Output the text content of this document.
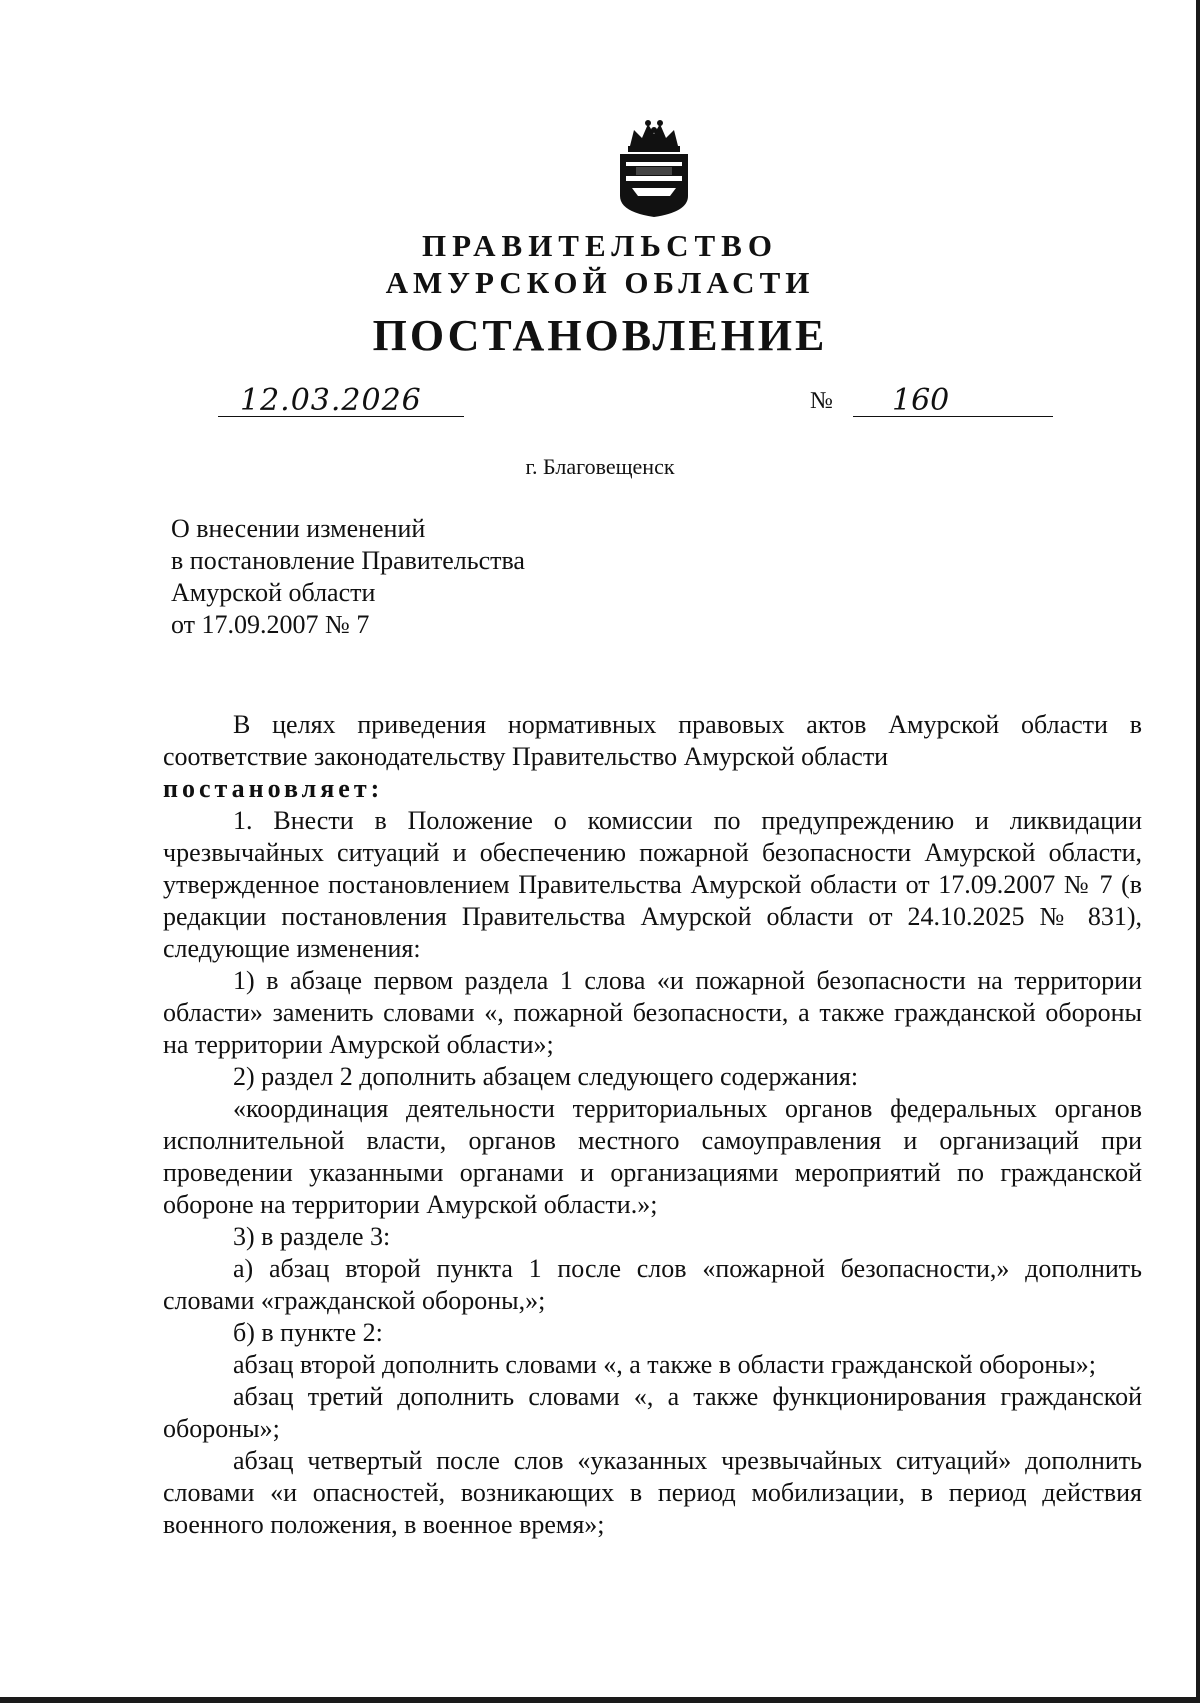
ПРАВИТЕЛЬСТВО
АМУРСКОЙ ОБЛАСТИ
ПОСТАНОВЛЕНИЕ
12.03.2026	№ 160
г. Благовещенск
О внесении изменений
в постановление Правительства
Амурской области
от 17.09.2007 № 7

В целях приведения нормативных правовых актов Амурской области в соответствие законодательству Правительство Амурской области

постановляет:

1. Внести в Положение о комиссии по предупреждению и ликвидации чрезвычайных ситуаций и обеспечению пожарной безопасности Амурской области, утвержденное постановлением Правительства Амурской области от 17.09.2007 № 7 (в редакции постановления Правительства Амурской области от 24.10.2025 № 831), следующие изменения:

1) в абзаце первом раздела 1 слова «и пожарной безопасности на территории области» заменить словами «, пожарной безопасности, а также гражданской обороны на территории Амурской области»;

2) раздел 2 дополнить абзацем следующего содержания:

«координация деятельности территориальных органов федеральных органов исполнительной власти, органов местного самоуправления и организаций при проведении указанными органами и организациями мероприятий по гражданской обороне на территории Амурской области.»;

3) в разделе 3:

а) абзац второй пункта 1 после слов «пожарной безопасности,» дополнить словами «гражданской обороны,»;

б) в пункте 2:

абзац второй дополнить словами «, а также в области гражданской обороны»;

абзац третий дополнить словами «, а также функционирования гражданской обороны»;

абзац четвертый после слов «указанных чрезвычайных ситуаций» дополнить словами «и опасностей, возникающих в период мобилизации, в период действия военного положения, в военное время»;
